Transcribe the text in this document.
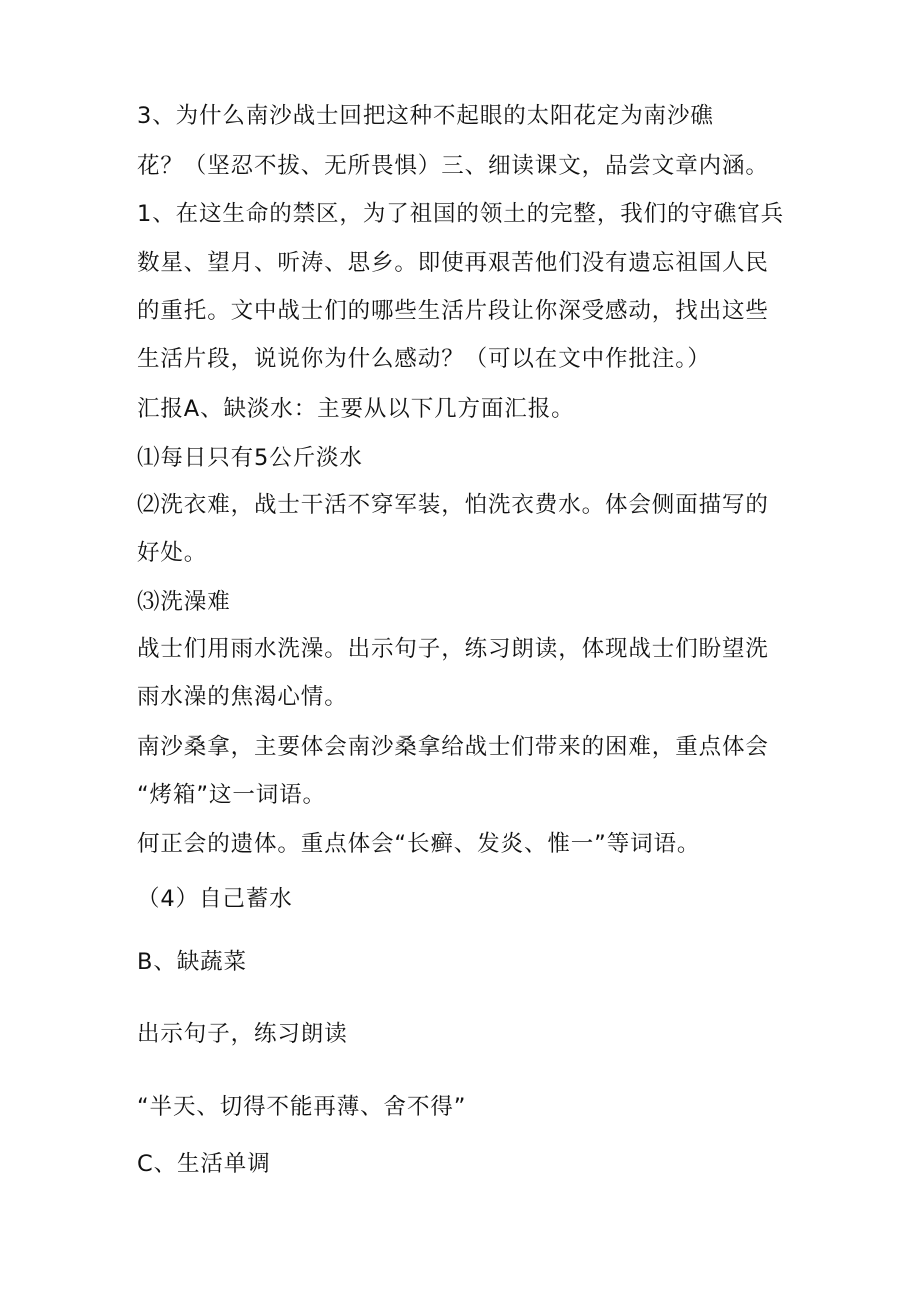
3、为什么南沙战士回把这种不起眼的太阳花定为南沙礁
花？（坚忍不拔、无所畏惧）三、细读课文，品尝文章内涵。
1、在这生命的禁区，为了祖国的领土的完整，我们的守礁官兵
数星、望月、听涛、思乡。即使再艰苦他们没有遗忘祖国人民
的重托。文中战士们的哪些生活片段让你深受感动，找出这些
生活片段，说说你为什么感动？（可以在文中作批注。）
汇报A、缺淡水：主要从以下几方面汇报。
⑴每日只有5公斤淡水
⑵洗衣难，战士干活不穿军装，怕洗衣费水。体会侧面描写的
好处。
⑶洗澡难
战士们用雨水洗澡。出示句子，练习朗读，体现战士们盼望洗
雨水澡的焦渴心情。
南沙桑拿，主要体会南沙桑拿给战士们带来的困难，重点体会
“烤箱”这一词语。
何正会的遗体。重点体会“长癣、发炎、惟一”等词语。
（4）自己蓄水
B、缺蔬菜
出示句子，练习朗读
“半天、切得不能再薄、舍不得”
C、生活单调
